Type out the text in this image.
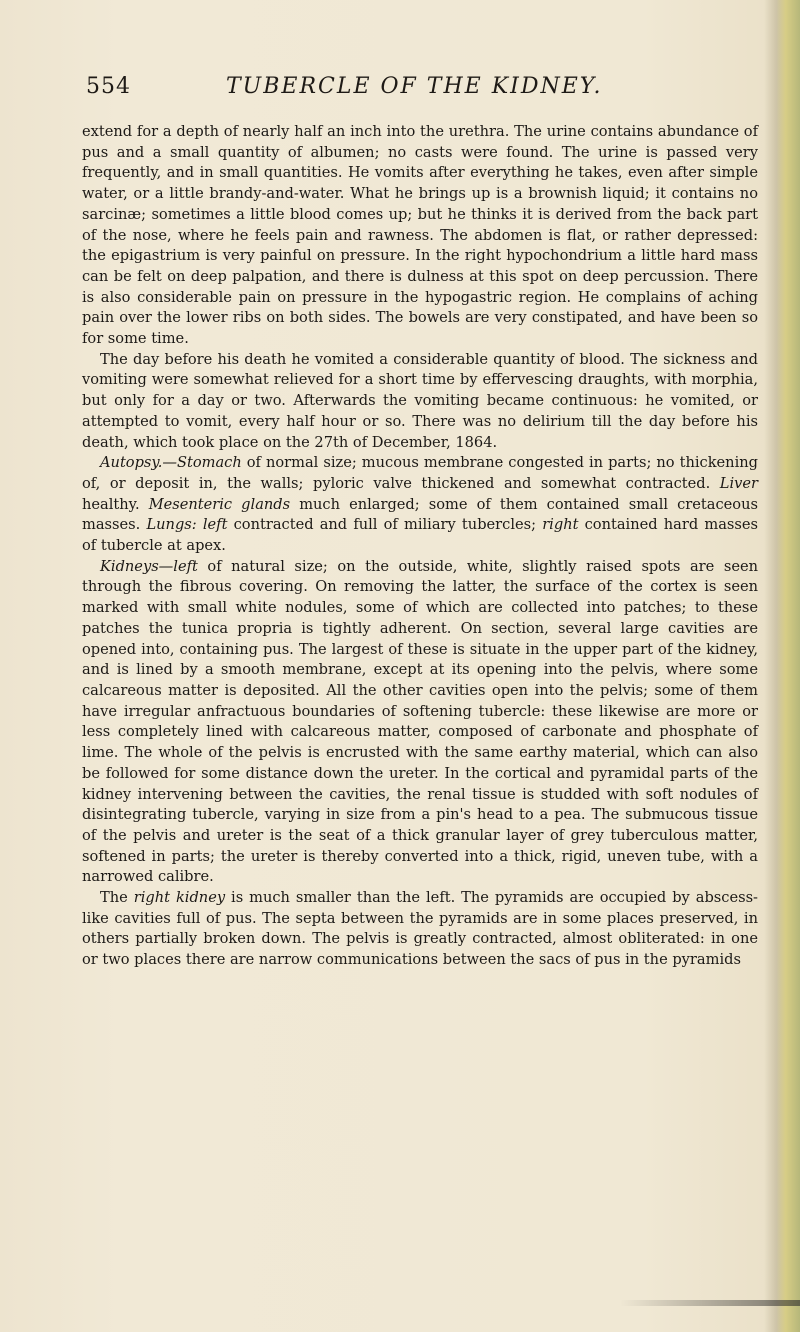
554	TUBERCLE OF THE KIDNEY.

extend for a depth of nearly half an inch into the urethra. The urine contains abundance of pus and a small quantity of albumen; no casts were found. The urine is passed very frequently, and in small quantities. He vomits after everything he takes, even after simple water, or a little brandy-and-water. What he brings up is a brownish liquid; it contains no sarcinæ; sometimes a little blood comes up; but he thinks it is derived from the back part of the nose, where he feels pain and rawness. The abdomen is flat, or rather depressed: the epigastrium is very painful on pressure. In the right hypochondrium a little hard mass can be felt on deep palpation, and there is dulness at this spot on deep percussion. There is also considerable pain on pressure in the hypogastric region. He complains of aching pain over the lower ribs on both sides. The bowels are very constipated, and have been so for some time.

The day before his death he vomited a considerable quantity of blood. The sickness and vomiting were somewhat relieved for a short time by effervescing draughts, with morphia, but only for a day or two. Afterwards the vomiting became continuous: he vomited, or attempted to vomit, every half hour or so. There was no delirium till the day before his death, which took place on the 27th of December, 1864.

Autopsy.—Stomach of normal size; mucous membrane congested in parts; no thickening of, or deposit in, the walls; pyloric valve thickened and somewhat contracted. Liver healthy. Mesenteric glands much enlarged; some of them contained small cretaceous masses. Lungs: left contracted and full of miliary tubercles; right contained hard masses of tubercle at apex.

Kidneys—left of natural size; on the outside, white, slightly raised spots are seen through the fibrous covering. On removing the latter, the surface of the cortex is seen marked with small white nodules, some of which are collected into patches; to these patches the tunica propria is tightly adherent. On section, several large cavities are opened into, containing pus. The largest of these is situate in the upper part of the kidney, and is lined by a smooth membrane, except at its opening into the pelvis, where some calcareous matter is deposited. All the other cavities open into the pelvis; some of them have irregular anfractuous boundaries of softening tubercle: these likewise are more or less completely lined with calcareous matter, composed of carbonate and phosphate of lime. The whole of the pelvis is encrusted with the same earthy material, which can also be followed for some distance down the ureter. In the cortical and pyramidal parts of the kidney intervening between the cavities, the renal tissue is studded with soft nodules of disintegrating tubercle, varying in size from a pin's head to a pea. The submucous tissue of the pelvis and ureter is the seat of a thick granular layer of grey tuberculous matter, softened in parts; the ureter is thereby converted into a thick, rigid, uneven tube, with a narrowed calibre.

The right kidney is much smaller than the left. The pyramids are occupied by abscess-like cavities full of pus. The septa between the pyramids are in some places preserved, in others partially broken down. The pelvis is greatly contracted, almost obliterated: in one or two places there are narrow communications between the sacs of pus in the pyramids
